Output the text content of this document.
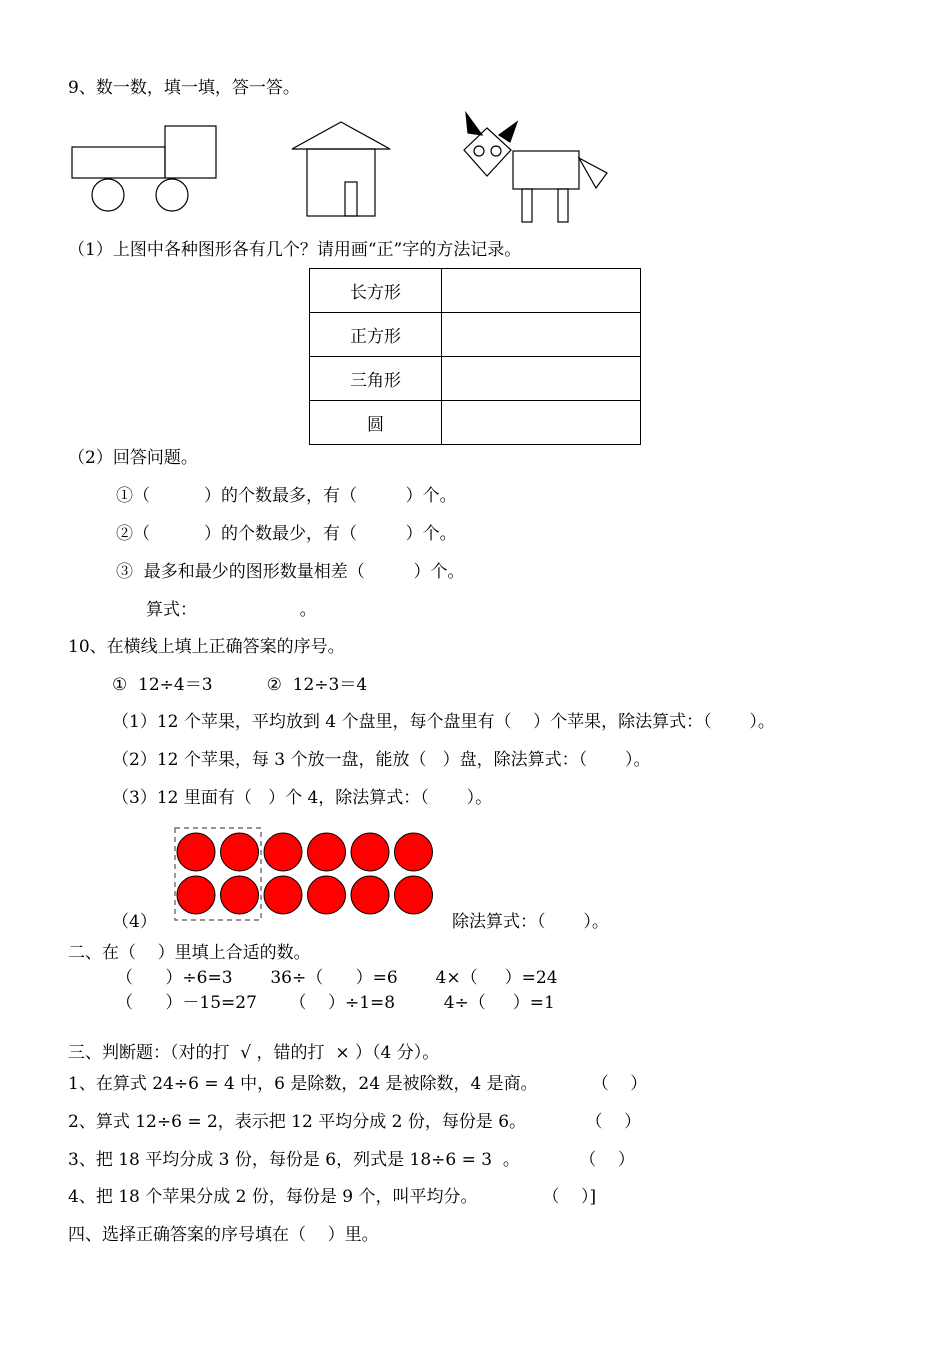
9、数一数，填一填，答一答。
（1）上图中各种图形各有几个？请用画“正”字的方法记录。
长方形	
正方形	
三角形	
圆	
（2）回答问题。
①（          ）的个数最多，有（         ）个。
②（          ）的个数最少，有（         ）个。
③  最多和最少的图形数量相差（         ）个。
算式：                   。
10、在横线上填上正确答案的序号。
①  12÷4＝3          ②  12÷3＝4
（1）12 个苹果，平均放到 4 个盘里，每个盘里有（    ）个苹果，除法算式：（       ）。
（2）12 个苹果，每 3 个放一盘，能放（   ）盘，除法算式：（       ）。
（3）12 里面有（   ）个 4，除法算式：（       ）。
（4）	除法算式：（       ）。
二、在（    ）里填上合适的数。
（      ）÷6=3       36÷（      ）=6       4×（     ）=24
（      ）－15=27      （    ）÷1=8         4÷（     ）=1
三、判断题：（对的打  √ ，错的打  × ）（4 分）。
1、在算式 24÷6 = 4 中，6 是除数，24 是被除数，4 是商。          （    ）
2、算式 12÷6 = 2，表示把 12 平均分成 2 份，每份是 6。           （    ）
3、把 18 平均分成 3 份，每份是 6，列式是 18÷6 = 3  。           （    ）
4、把 18 个苹果分成 2 份，每份是 9 个，叫平均分。            （    ）]
四、选择正确答案的序号填在（    ）里。
